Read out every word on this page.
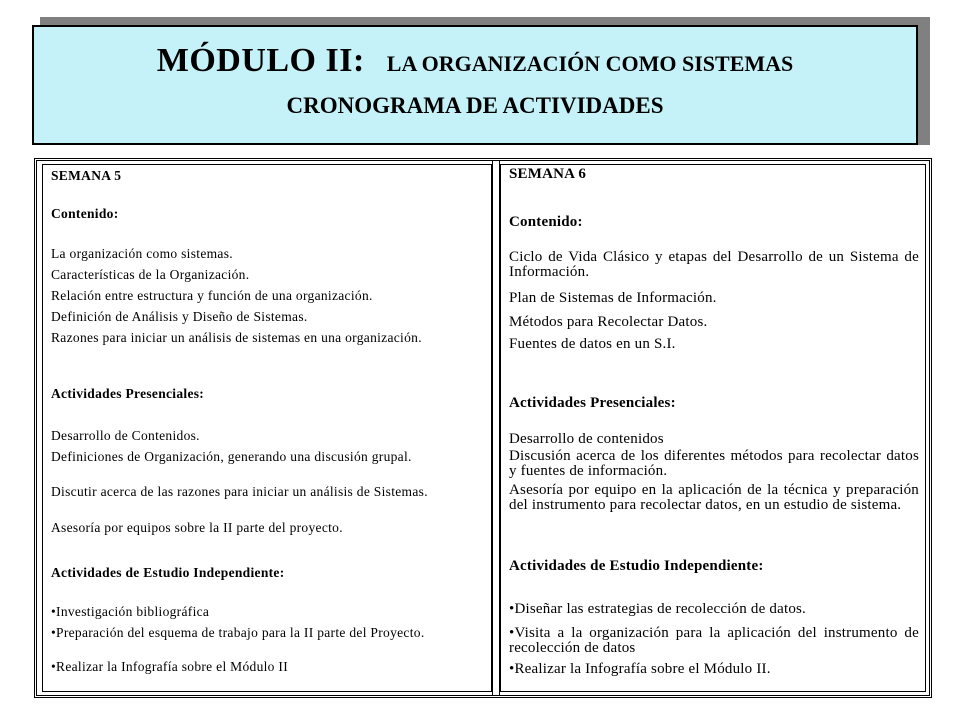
MÓDULO II: LA ORGANIZACIÓN COMO SISTEMAS
CRONOGRAMA DE ACTIVIDADES

SEMANA 5

Contenido:

La organización como sistemas.

Características de la Organización.

Relación entre estructura y función de una organización.

Definición de Análisis y Diseño de Sistemas.

Razones para iniciar un análisis de sistemas en una organización.

Actividades Presenciales:

Desarrollo de Contenidos.

Definiciones de Organización, generando una discusión grupal.

Discutir acerca de las razones para iniciar un análisis de Sistemas.

Asesoría por equipos sobre la II parte del proyecto.

Actividades de Estudio Independiente:

•Investigación bibliográfica

•Preparación del esquema de trabajo para la II parte del Proyecto.

•Realizar la Infografía sobre el Módulo II

SEMANA 6

Contenido:

Ciclo de Vida Clásico y etapas del Desarrollo de un Sistema de Información.

Plan de Sistemas de Información.

Métodos para Recolectar Datos.

Fuentes de datos en un S.I.

Actividades Presenciales:

Desarrollo de contenidos

Discusión acerca de los diferentes métodos para recolectar datos y fuentes de información.

Asesoría por equipo en la aplicación de la técnica y preparación del instrumento para recolectar datos, en un estudio de sistema.

Actividades de Estudio Independiente:

•Diseñar las estrategias de recolección de datos.

•Visita a la organización para la aplicación del instrumento de recolección de datos

•Realizar la Infografía sobre el Módulo II.
